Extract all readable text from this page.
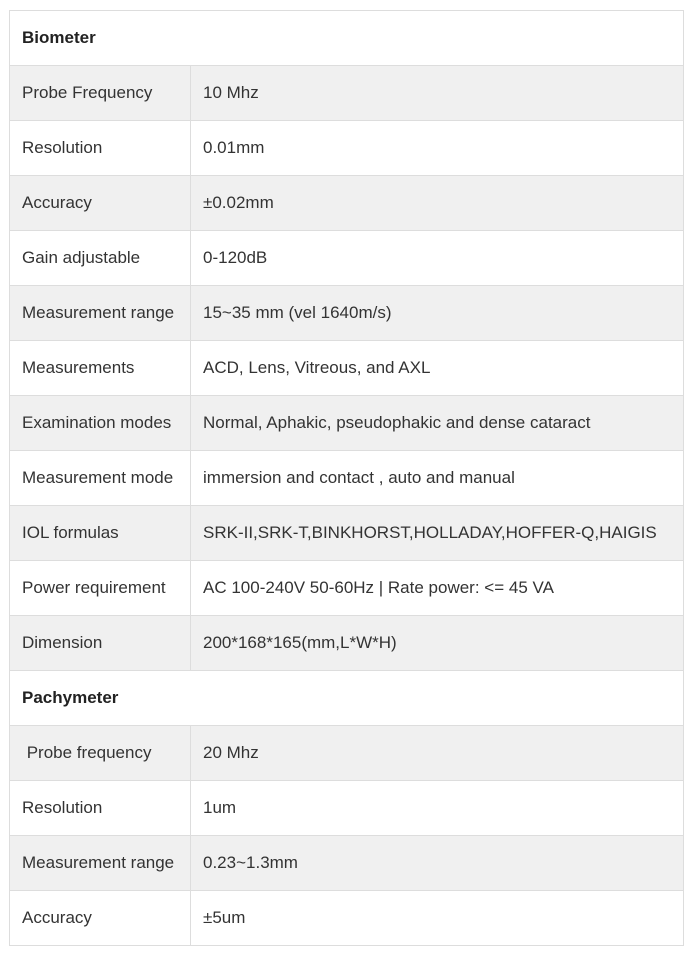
Biometer	
Probe Frequency	10 Mhz
Resolution	0.01mm
Accuracy	±0.02mm
Gain adjustable	0-120dB
Measurement range	15~35 mm (vel 1640m/s)
Measurements	ACD, Lens, Vitreous, and AXL
Examination modes	Normal, Aphakic, pseudophakic and dense cataract
Measurement mode	immersion and contact , auto and manual
IOL formulas	SRK-II,SRK-T,BINKHORST,HOLLADAY,HOFFER-Q,HAIGIS
Power requirement	AC 100-240V 50-60Hz | Rate power: <= 45 VA
Dimension	200*168*165(mm,L*W*H)
Pachymeter	
Probe frequency	20 Mhz
Resolution	1um
Measurement range	0.23~1.3mm
Accuracy	±5um
